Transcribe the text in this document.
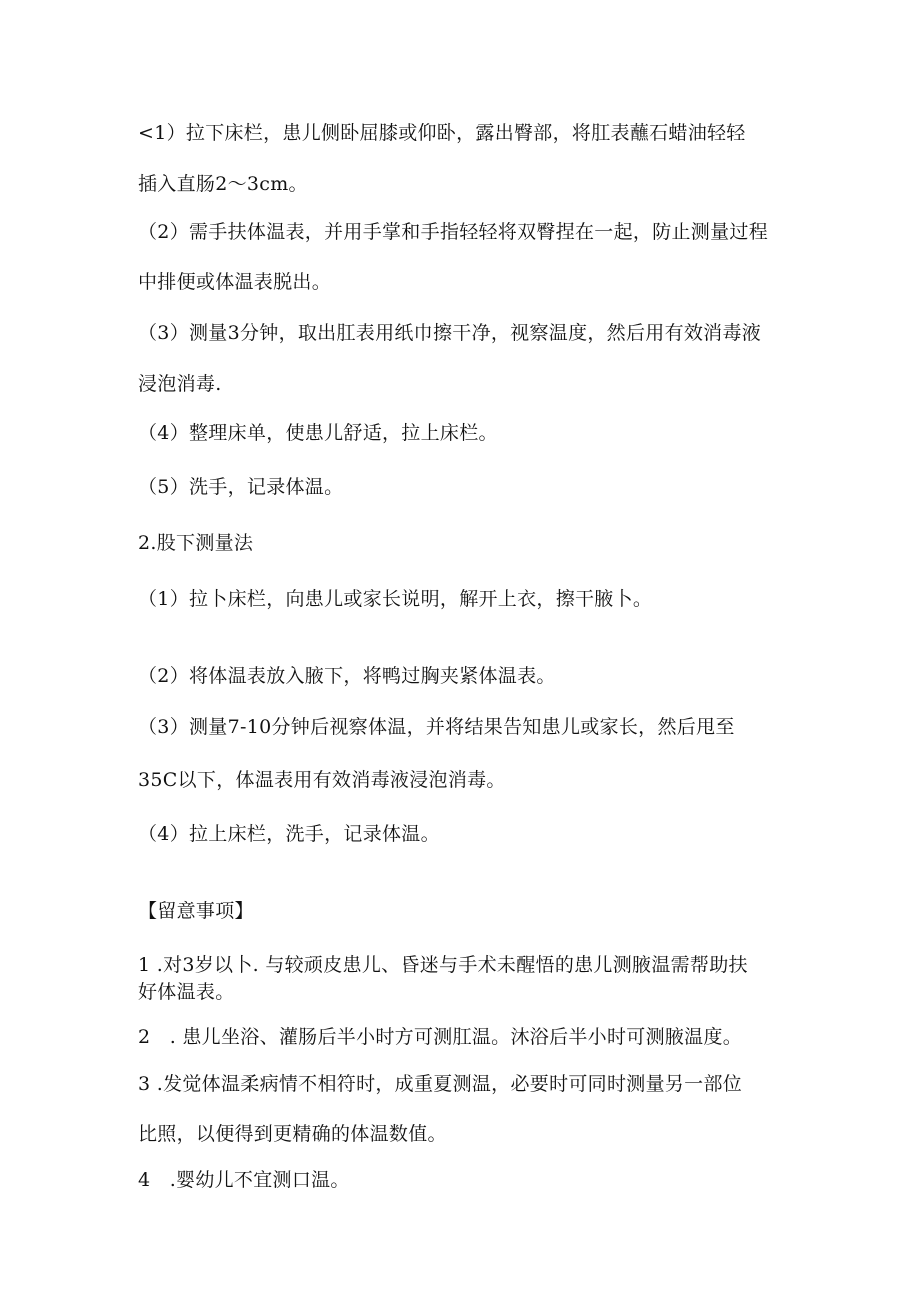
<1）拉下床栏，患儿侧卧屈膝或仰卧，露出臀部，将肛表蘸石蜡油轻轻
插入直肠2～3cm。
（2）需手扶体温表，并用手掌和手指轻轻将双臀捏在一起，防止测量过程
中排便或体温表脱出。
（3）测量3分钟，取出肛表用纸巾擦干净，视察温度，然后用有效消毒液
浸泡消毒.
（4）整理床单，使患儿舒适，拉上床栏。
（5）洗手，记录体温。
2.股下测量法
（1）拉卜床栏，向患儿或家长说明，解开上衣，擦干腋卜。
（2）将体温表放入腋下，将鸭过胸夹紧体温表。
（3）测量7-10分钟后视察体温，并将结果告知患儿或家长，然后甩至
35C以下，体温表用有效消毒液浸泡消毒。
（4）拉上床栏，洗手，记录体温。
【留意事项】
1 .对3岁以卜. 与较顽皮患儿、昏迷与手术未醒悟的患儿测腋温需帮助扶
好体温表。
2　. 患儿坐浴、灌肠后半小时方可测肛温。沐浴后半小时可测腋温度。
3 .发觉体温柔病情不相符时，成重夏测温，必要时可同时测量另一部位
比照，以便得到更精确的体温数值。
4　.婴幼儿不宜测口温。
